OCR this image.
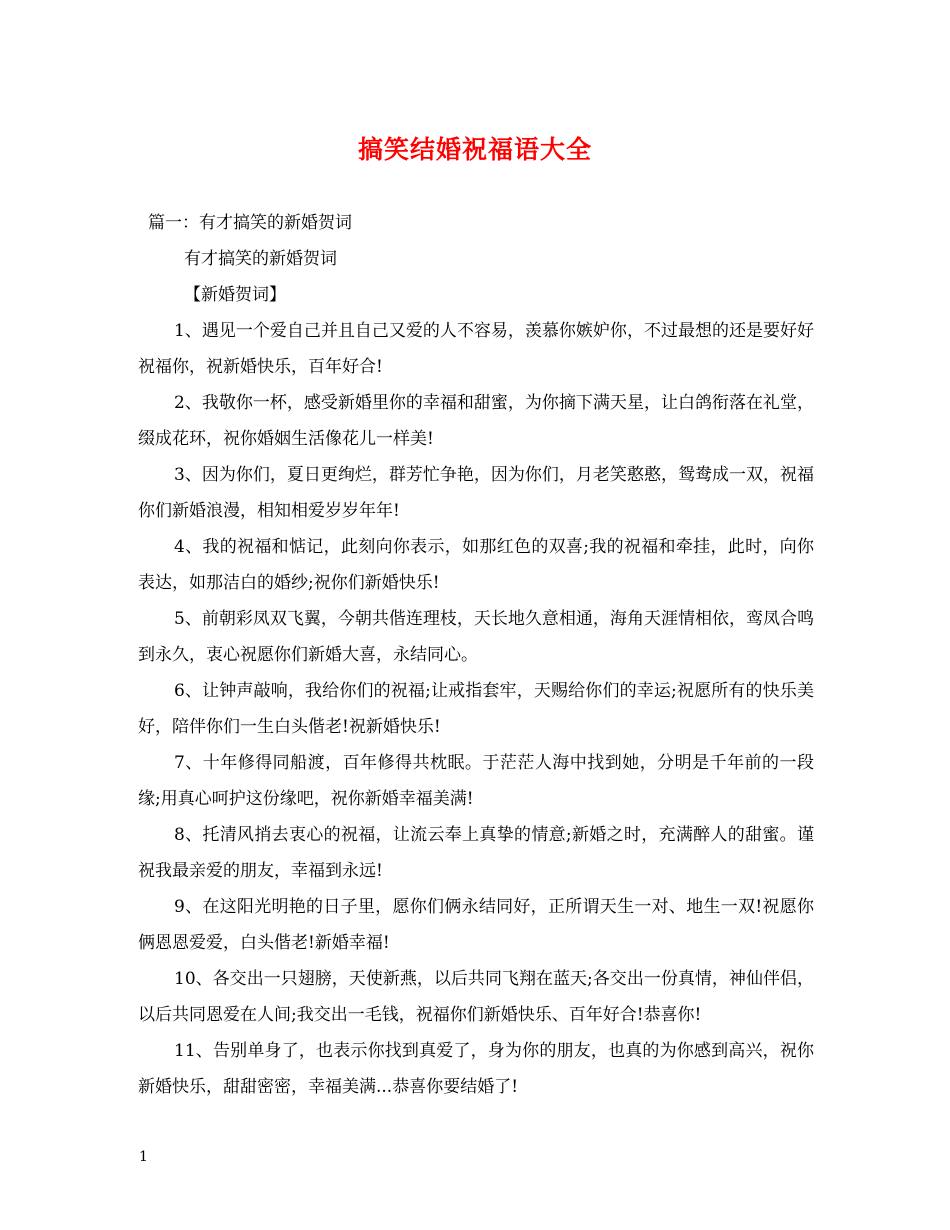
搞笑结婚祝福语大全

篇一：有才搞笑的新婚贺词

有才搞笑的新婚贺词

【新婚贺词】

1、遇见一个爱自己并且自己又爱的人不容易，羡慕你嫉妒你，不过最想的还是要好好祝福你，祝新婚快乐，百年好合!

2、我敬你一杯，感受新婚里你的幸福和甜蜜，为你摘下满天星，让白鸽衔落在礼堂，缀成花环，祝你婚姻生活像花儿一样美!

3、因为你们，夏日更绚烂，群芳忙争艳，因为你们，月老笑憨憨，鸳鸯成一双，祝福你们新婚浪漫，相知相爱岁岁年年!

4、我的祝福和惦记，此刻向你表示，如那红色的双喜;我的祝福和牵挂，此时，向你表达，如那洁白的婚纱;祝你们新婚快乐!

5、前朝彩凤双飞翼，今朝共偕连理枝，天长地久意相通，海角天涯情相依，鸾凤合鸣到永久，衷心祝愿你们新婚大喜，永结同心。

6、让钟声敲响，我给你们的祝福;让戒指套牢，天赐给你们的幸运;祝愿所有的快乐美好，陪伴你们一生白头偕老!祝新婚快乐!

7、十年修得同船渡，百年修得共枕眠。于茫茫人海中找到她，分明是千年前的一段缘;用真心呵护这份缘吧，祝你新婚幸福美满!

8、托清风捎去衷心的祝福，让流云奉上真挚的情意;新婚之时，充满醉人的甜蜜。谨祝我最亲爱的朋友，幸福到永远!

9、在这阳光明艳的日子里，愿你们俩永结同好，正所谓天生一对、地生一双!祝愿你俩恩恩爱爱，白头偕老!新婚幸福!

10、各交出一只翅膀，天使新燕，以后共同飞翔在蓝天;各交出一份真情，神仙伴侣，以后共同恩爱在人间;我交出一毛钱，祝福你们新婚快乐、百年好合!恭喜你!

11、告别单身了，也表示你找到真爱了，身为你的朋友，也真的为你感到高兴，祝你新婚快乐，甜甜密密，幸福美满...恭喜你要结婚了!

1
